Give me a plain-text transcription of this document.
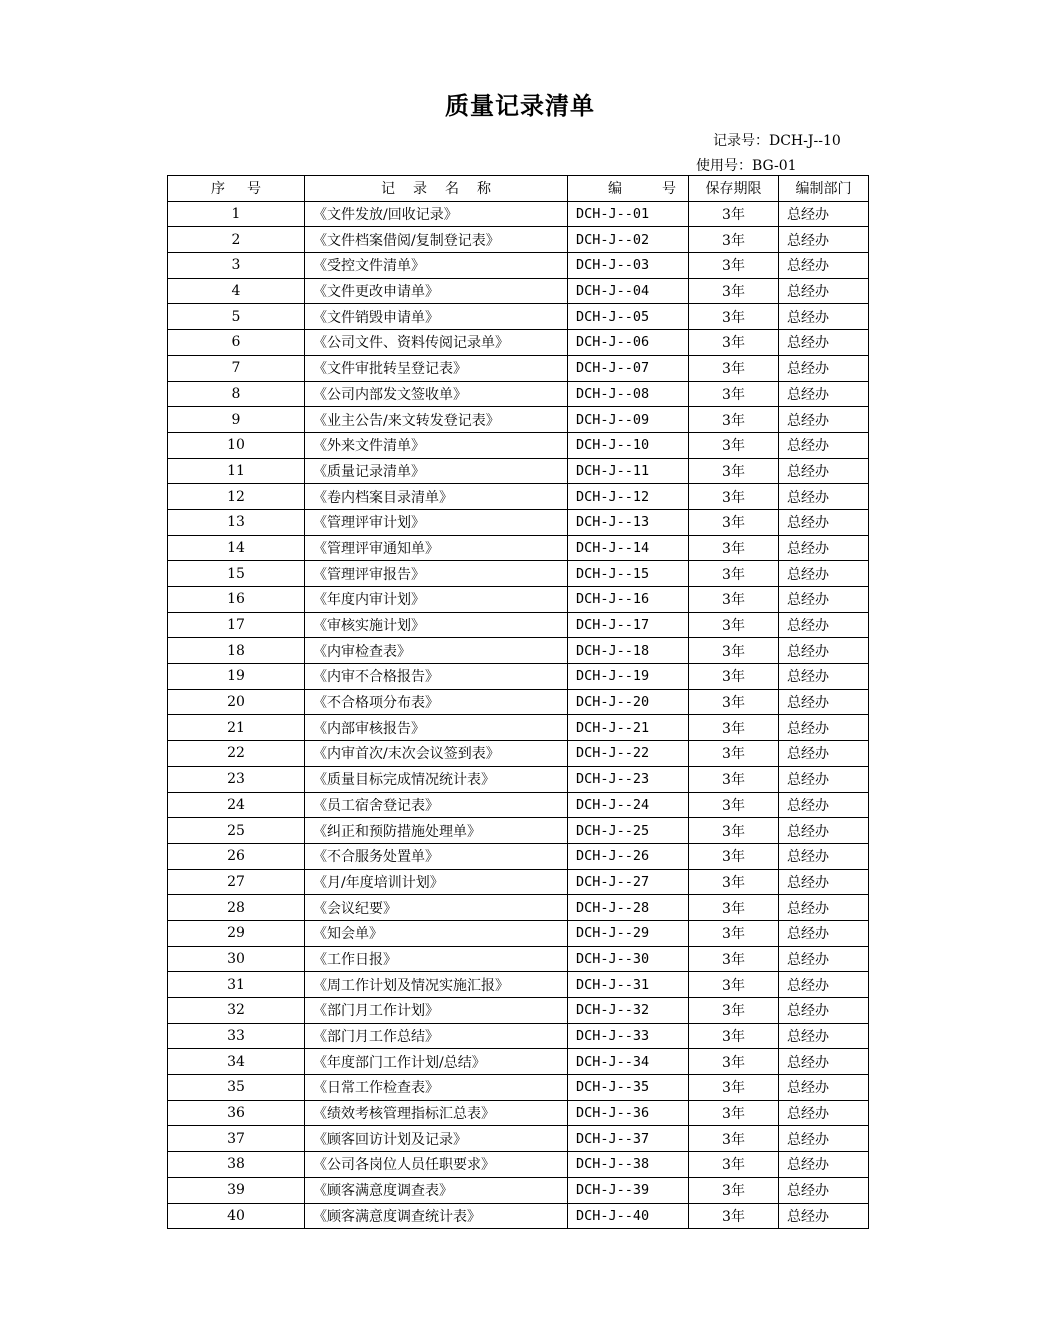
质量记录清单
记录号：DCH-J--10
使用号：BG-01
序号	记录名称	编号	保存期限	编制部门
1	《文件发放/回收记录》	DCH-J--01	3年	总经办
2	《文件档案借阅/复制登记表》	DCH-J--02	3年	总经办
3	《受控文件清单》	DCH-J--03	3年	总经办
4	《文件更改申请单》	DCH-J--04	3年	总经办
5	《文件销毁申请单》	DCH-J--05	3年	总经办
6	《公司文件、资料传阅记录单》	DCH-J--06	3年	总经办
7	《文件审批转呈登记表》	DCH-J--07	3年	总经办
8	《公司内部发文签收单》	DCH-J--08	3年	总经办
9	《业主公告/来文转发登记表》	DCH-J--09	3年	总经办
10	《外来文件清单》	DCH-J--10	3年	总经办
11	《质量记录清单》	DCH-J--11	3年	总经办
12	《卷内档案目录清单》	DCH-J--12	3年	总经办
13	《管理评审计划》	DCH-J--13	3年	总经办
14	《管理评审通知单》	DCH-J--14	3年	总经办
15	《管理评审报告》	DCH-J--15	3年	总经办
16	《年度内审计划》	DCH-J--16	3年	总经办
17	《审核实施计划》	DCH-J--17	3年	总经办
18	《内审检查表》	DCH-J--18	3年	总经办
19	《内审不合格报告》	DCH-J--19	3年	总经办
20	《不合格项分布表》	DCH-J--20	3年	总经办
21	《内部审核报告》	DCH-J--21	3年	总经办
22	《内审首次/末次会议签到表》	DCH-J--22	3年	总经办
23	《质量目标完成情况统计表》	DCH-J--23	3年	总经办
24	《员工宿舍登记表》	DCH-J--24	3年	总经办
25	《纠正和预防措施处理单》	DCH-J--25	3年	总经办
26	《不合服务处置单》	DCH-J--26	3年	总经办
27	《月/年度培训计划》	DCH-J--27	3年	总经办
28	《会议纪要》	DCH-J--28	3年	总经办
29	《知会单》	DCH-J--29	3年	总经办
30	《工作日报》	DCH-J--30	3年	总经办
31	《周工作计划及情况实施汇报》	DCH-J--31	3年	总经办
32	《部门月工作计划》	DCH-J--32	3年	总经办
33	《部门月工作总结》	DCH-J--33	3年	总经办
34	《年度部门工作计划/总结》	DCH-J--34	3年	总经办
35	《日常工作检查表》	DCH-J--35	3年	总经办
36	《绩效考核管理指标汇总表》	DCH-J--36	3年	总经办
37	《顾客回访计划及记录》	DCH-J--37	3年	总经办
38	《公司各岗位人员任职要求》	DCH-J--38	3年	总经办
39	《顾客满意度调查表》	DCH-J--39	3年	总经办
40	《顾客满意度调查统计表》	DCH-J--40	3年	总经办
